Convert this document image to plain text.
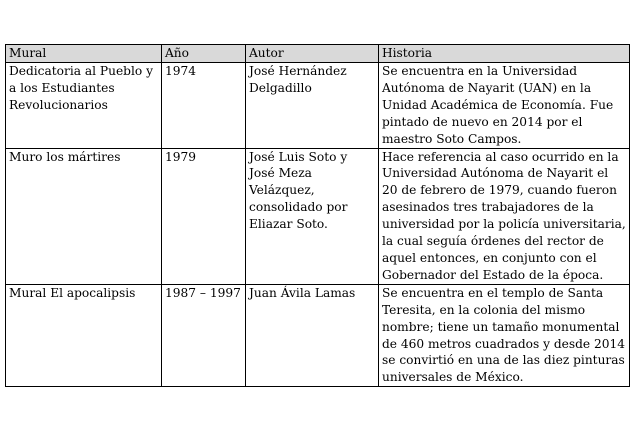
Mural	Año	Autor	Historia
Dedicatoria al Pueblo y a los Estudiantes Revolucionarios	1974	José Hernández Delgadillo	Se encuentra en la Universidad Autónoma de Nayarit (UAN) en la Unidad Académica de Economía. Fue pintado de nuevo en 2014 por el maestro Soto Campos.
Muro los mártires	1979	José Luis Soto y José Meza Velázquez, consolidado por Eliazar Soto.	Hace referencia al caso ocurrido en la Universidad Autónoma de Nayarit el 20 de febrero de 1979, cuando fueron asesinados tres trabajadores de la universidad por la policía universitaria, la cual seguía órdenes del rector de aquel entonces, en conjunto con el Gobernador del Estado de la época.
Mural El apocalipsis	1987 – 1997	Juan Ávila Lamas	Se encuentra en el templo de Santa Teresita, en la colonia del mismo nombre; tiene un tamaño monumental de 460 metros cuadrados y desde 2014 se convirtió en una de las diez pinturas universales de México.
